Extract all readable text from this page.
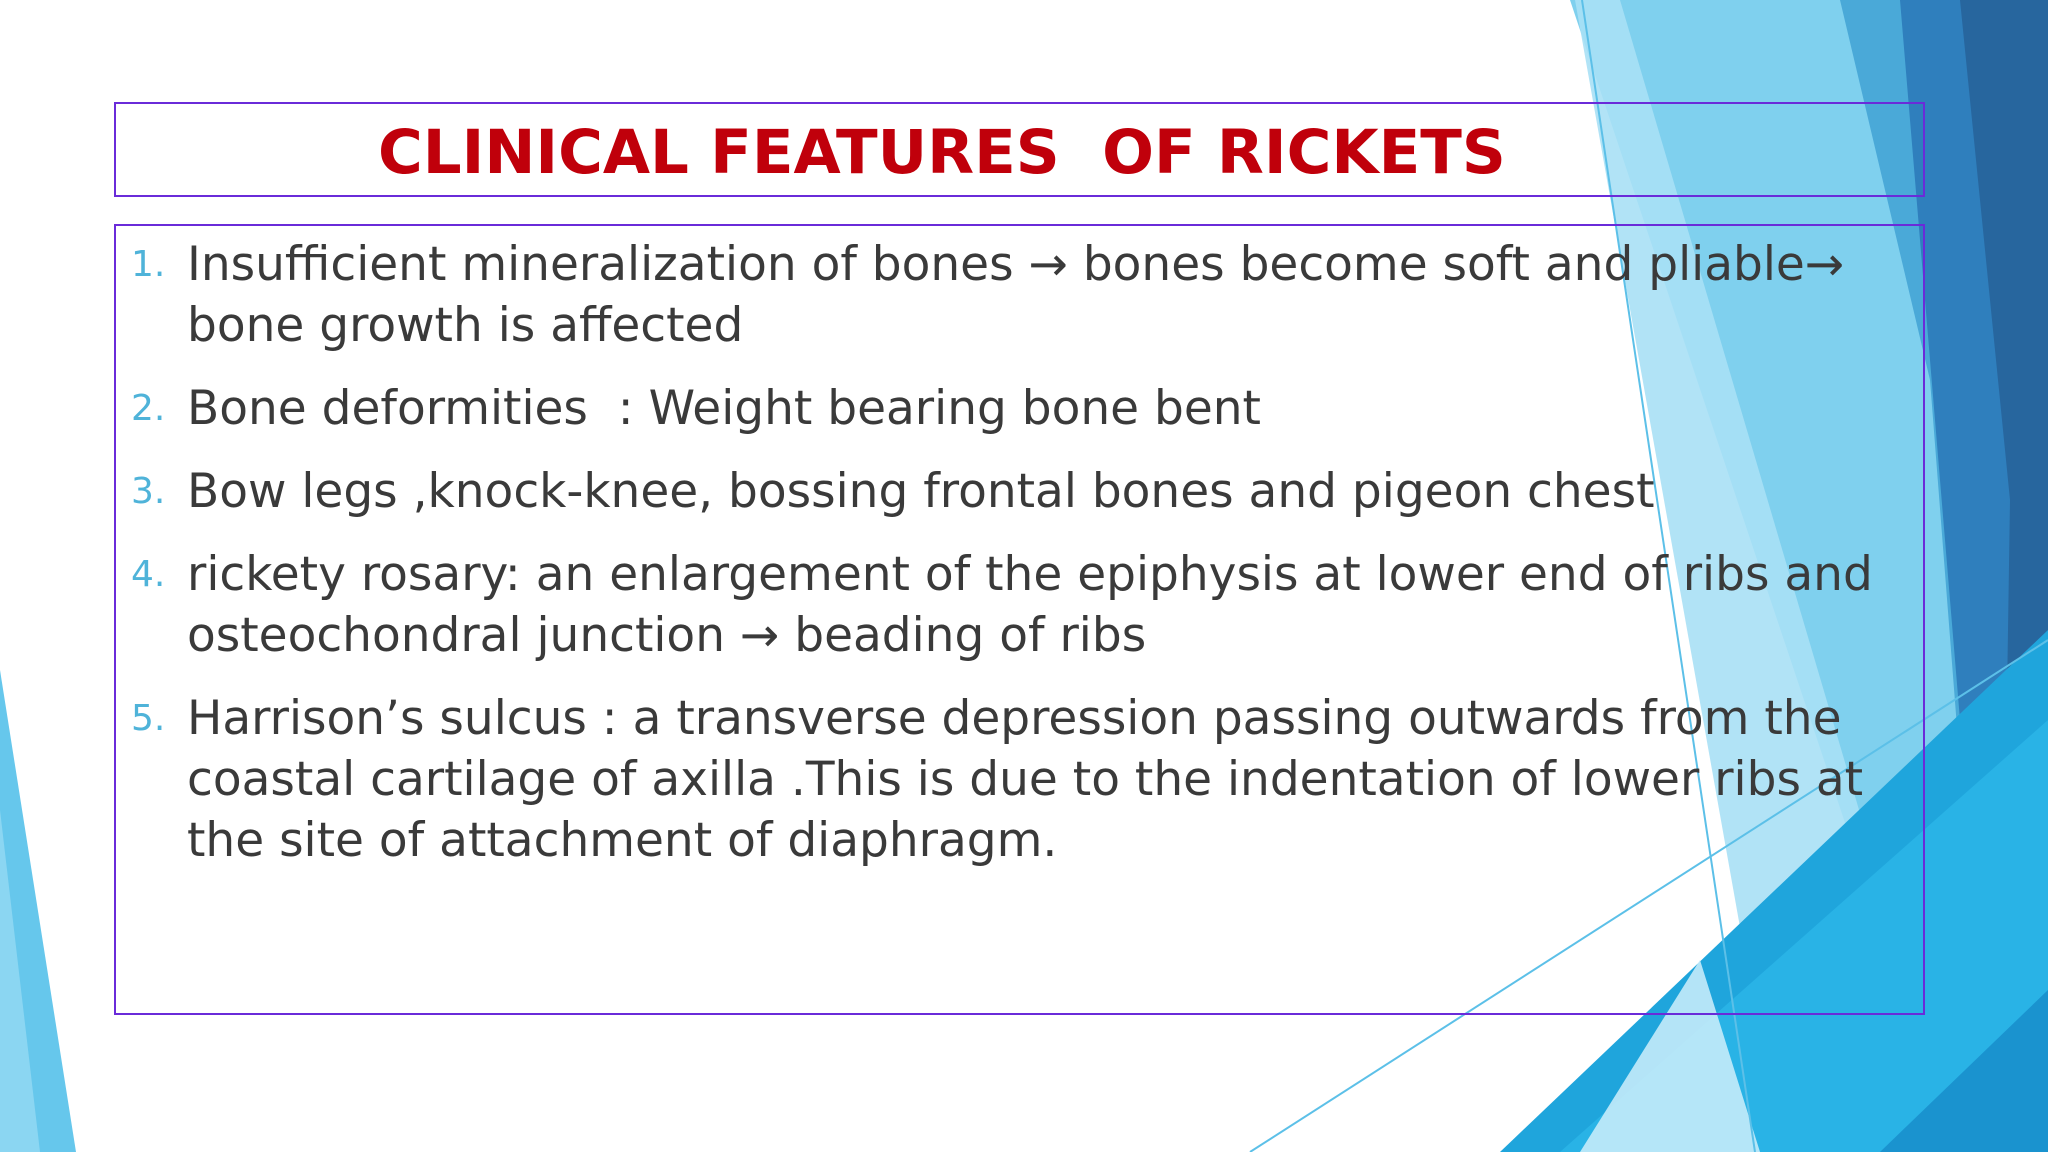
CLINICAL FEATURES  OF RICKETS
1. Insufficient mineralization of bones → bones become soft and pliable→

bone growth is affected

2. Bone deformities  : Weight bearing bone bent

3. Bow legs ,knock-knee, bossing frontal bones and pigeon chest

4. rickety rosary: an enlargement of the epiphysis at lower end of ribs and

osteochondral junction → beading of ribs

5. Harrison’s sulcus : a transverse depression passing outwards from the

coastal cartilage of axilla .This is due to the indentation of lower ribs at

the site of attachment of diaphragm.
